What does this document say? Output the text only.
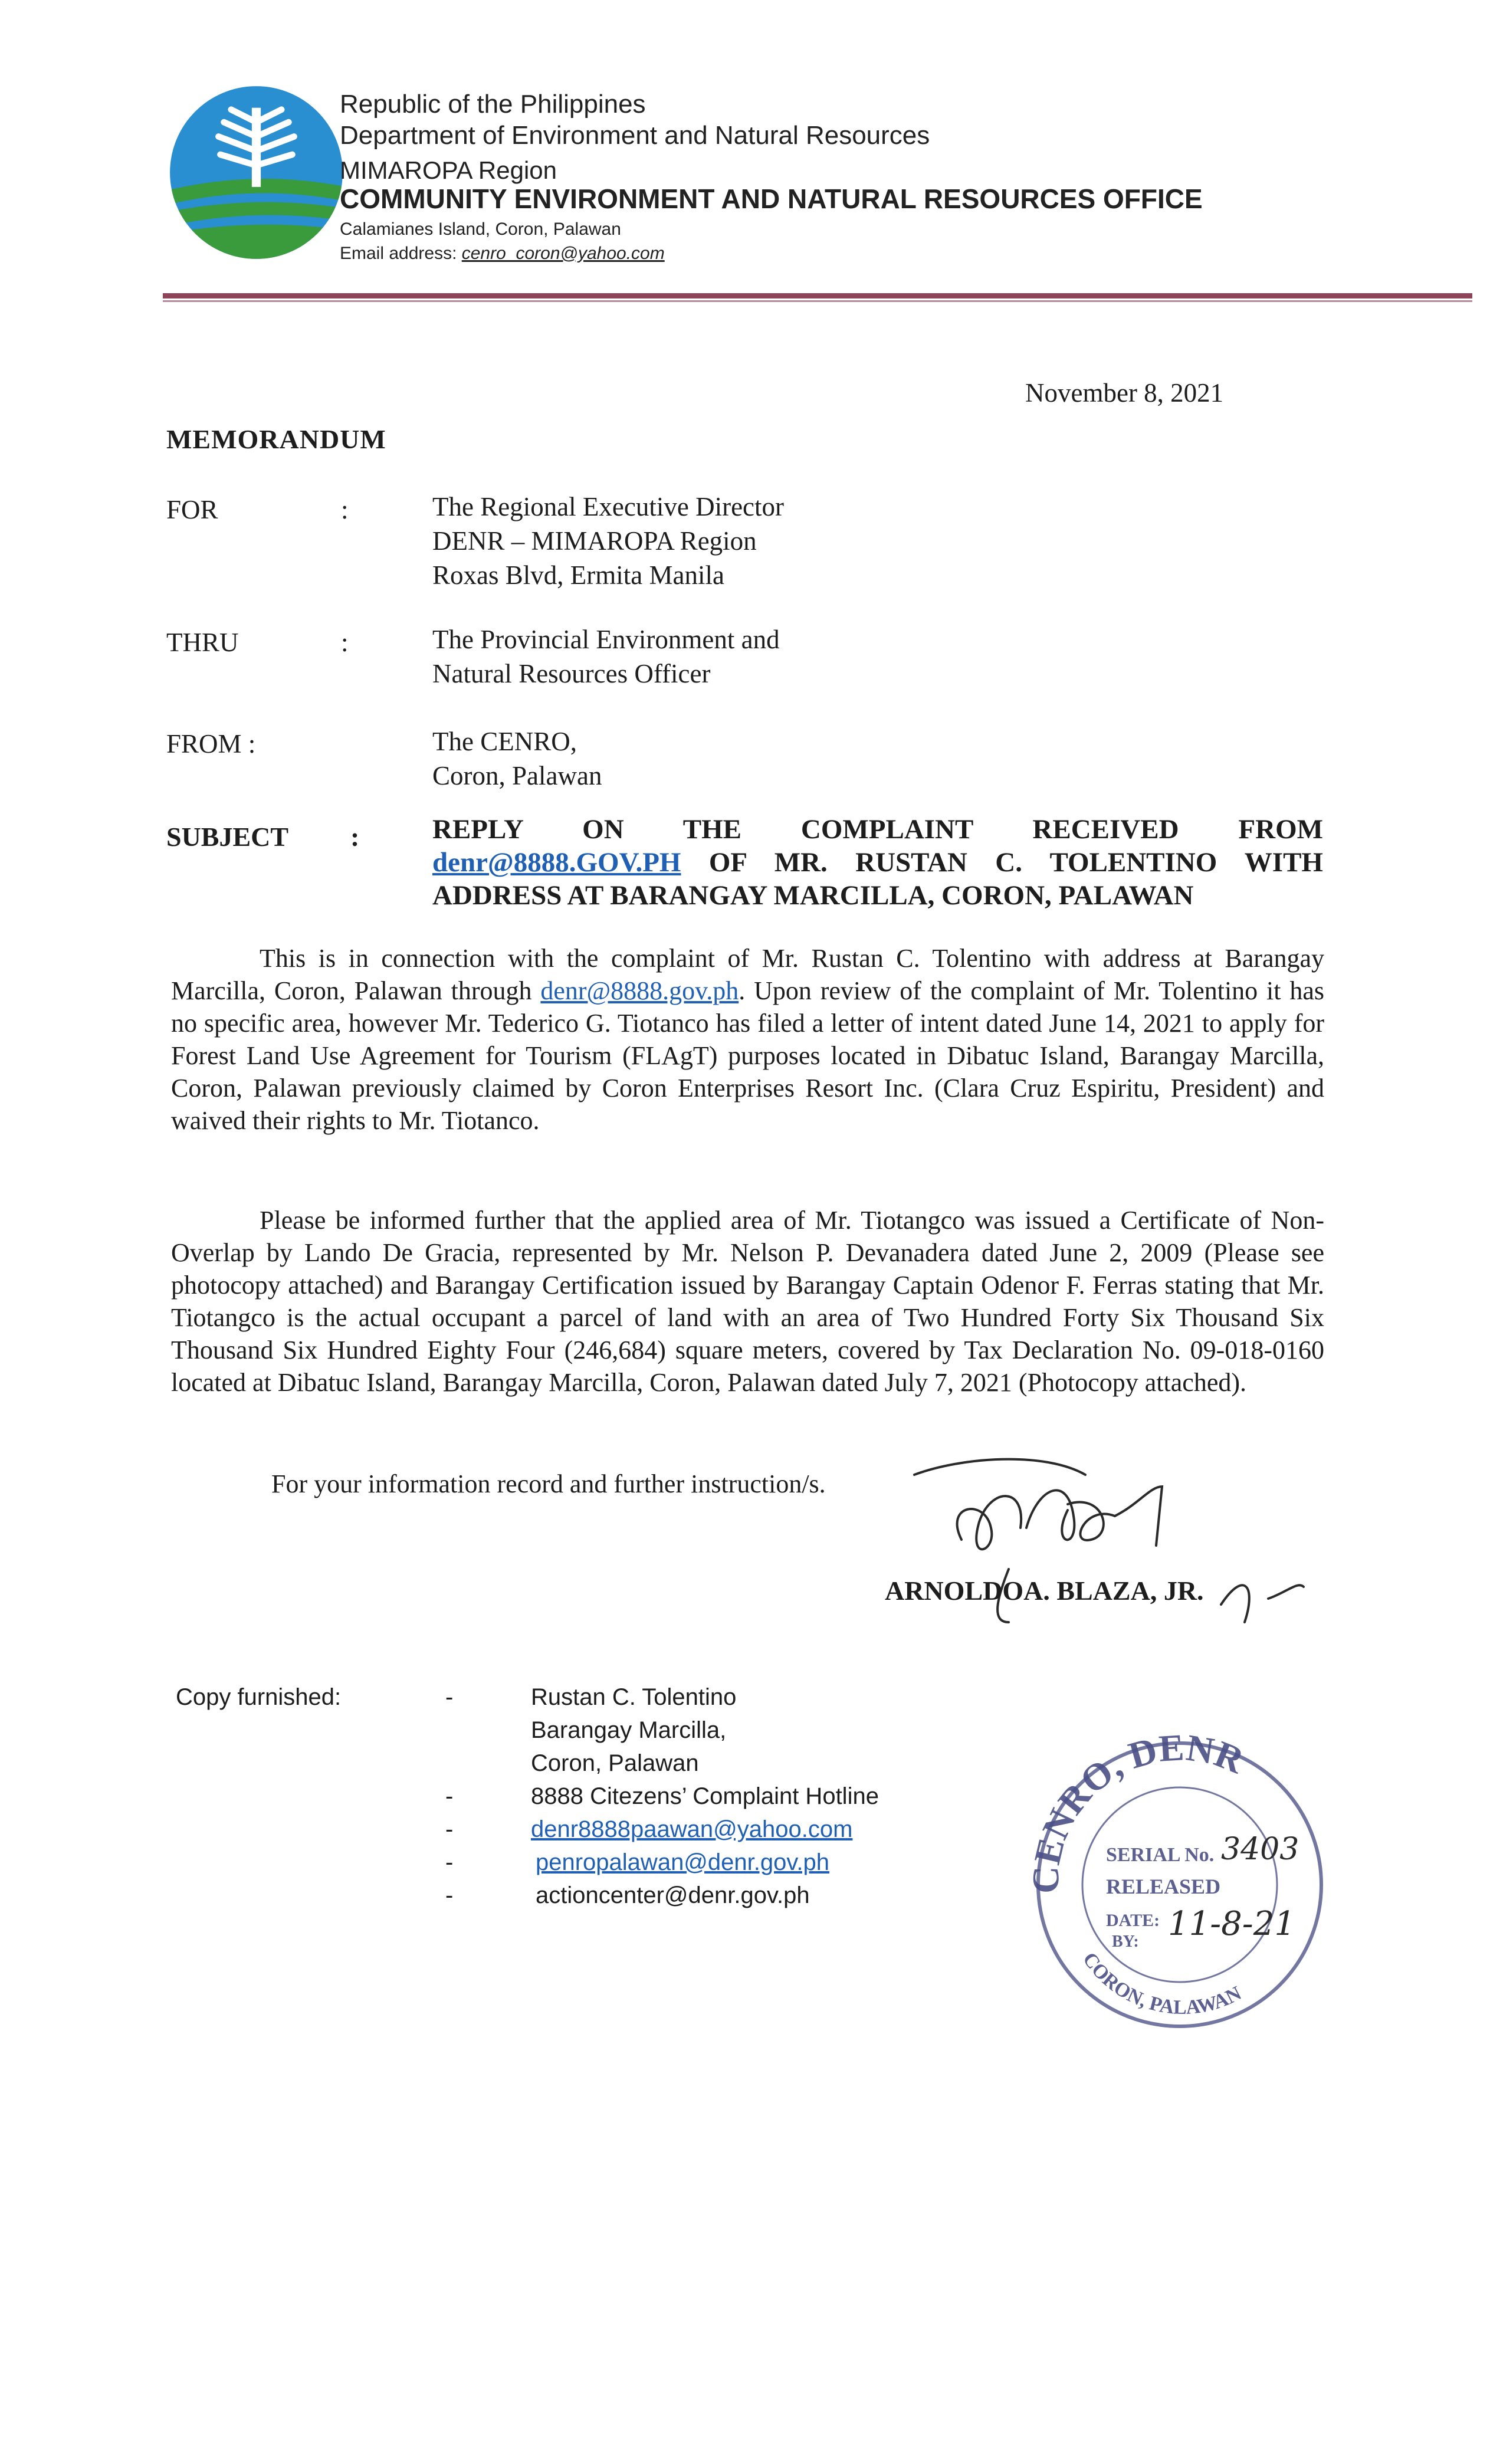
Republic of the Philippines
Department of Environment and Natural Resources
MIMAROPA Region
COMMUNITY ENVIRONMENT AND NATURAL RESOURCES OFFICE
Calamianes Island, Coron, Palawan
Email address: cenro_coron@yahoo.com
November 8, 2021
MEMORANDUM
FOR	:	The Regional Executive Director
DENR – MIMAROPA Region
Roxas Blvd, Ermita Manila
THRU	:	The Provincial Environment and
Natural Resources Officer
FROM :	The CENRO,
Coron, Palawan
SUBJECT :	REPLY ON THE COMPLAINT RECEIVED FROM
denr@8888.GOV.PH OF MR. RUSTAN C. TOLENTINO WITH
ADDRESS AT BARANGAY MARCILLA, CORON, PALAWAN
This is in connection with the complaint of Mr. Rustan C. Tolentino with address at Barangay Marcilla, Coron, Palawan through denr@8888.gov.ph. Upon review of the complaint of Mr. Tolentino it has no specific area, however Mr. Tederico G. Tiotanco has filed a letter of intent dated June 14, 2021 to apply for Forest Land Use Agreement for Tourism (FLAgT) purposes located in Dibatuc Island, Barangay Marcilla, Coron, Palawan previously claimed by Coron Enterprises Resort Inc. (Clara Cruz Espiritu, President) and waived their rights to Mr. Tiotanco.
Please be informed further that the applied area of Mr. Tiotangco was issued a Certificate of Non-Overlap by Lando De Gracia, represented by Mr. Nelson P. Devanadera dated June 2, 2009 (Please see photocopy attached) and Barangay Certification issued by Barangay Captain Odenor F. Ferras stating that Mr. Tiotangco is the actual occupant a parcel of land with an area of Two Hundred Forty Six Thousand Six Thousand Six Hundred Eighty Four (246,684) square meters, covered by Tax Declaration No. 09-018-0160 located at Dibatuc Island, Barangay Marcilla, Coron, Palawan dated July 7, 2021 (Photocopy attached).
For your information record and further instruction/s.
ARNOLDOA. BLAZA, JR.
Copy furnished:	-	Rustan C. Tolentino
Barangay Marcilla,
Coron, Palawan
-	8888 Citezens’ Complaint Hotline
-	denr8888paawan@yahoo.com
-	penropalawan@denr.gov.ph
-	actioncenter@denr.gov.ph
CENRO, DENR
CORON, PALAWAN
SERIAL No.
RELEASED
DATE:
BY:
3403
11-8-21
